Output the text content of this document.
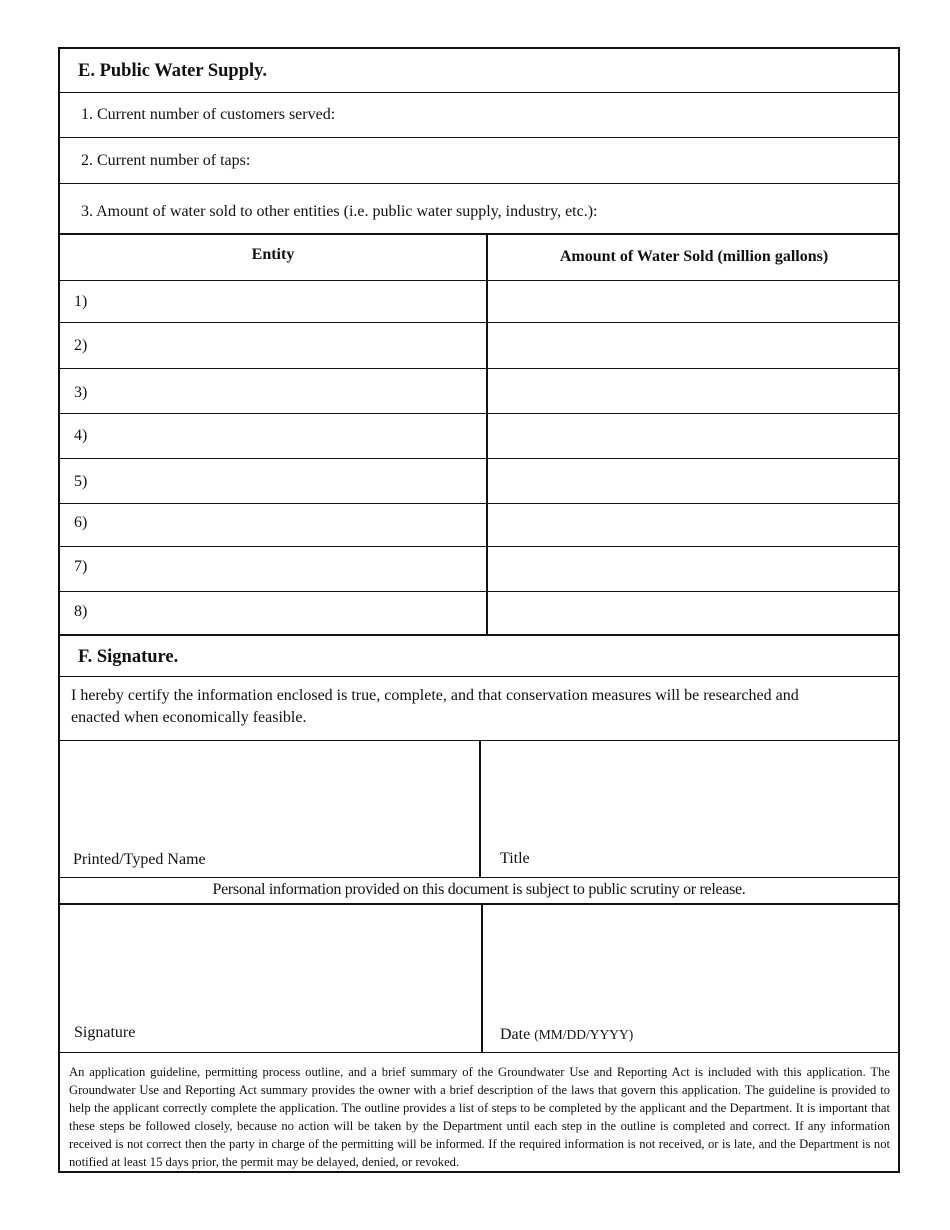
E. Public Water Supply.
1. Current number of customers served:
2. Current number of taps:
3. Amount of water sold to other entities (i.e. public water supply, industry, etc.):
Entity	Amount of Water Sold (million gallons)
1)
2)
3)
4)
5)
6)
7)
8)
F. Signature.
I hereby certify the information enclosed is true, complete, and that conservation measures will be researched and enacted when economically feasible.
Printed/Typed Name	Title
Personal information provided on this document is subject to public scrutiny or release.
Signature	Date (MM/DD/YYYY)
An application guideline, permitting process outline, and a brief summary of the Groundwater Use and Reporting Act is included with this application. The Groundwater Use and Reporting Act summary provides the owner with a brief description of the laws that govern this application. The guideline is provided to help the applicant correctly complete the application. The outline provides a list of steps to be completed by the applicant and the Department. It is important that these steps be followed closely, because no action will be taken by the Department until each step in the outline is completed and correct. If any information received is not correct then the party in charge of the permitting will be informed. If the required information is not received, or is late, and the Department is not notified at least 15 days prior, the permit may be delayed, denied, or revoked.
